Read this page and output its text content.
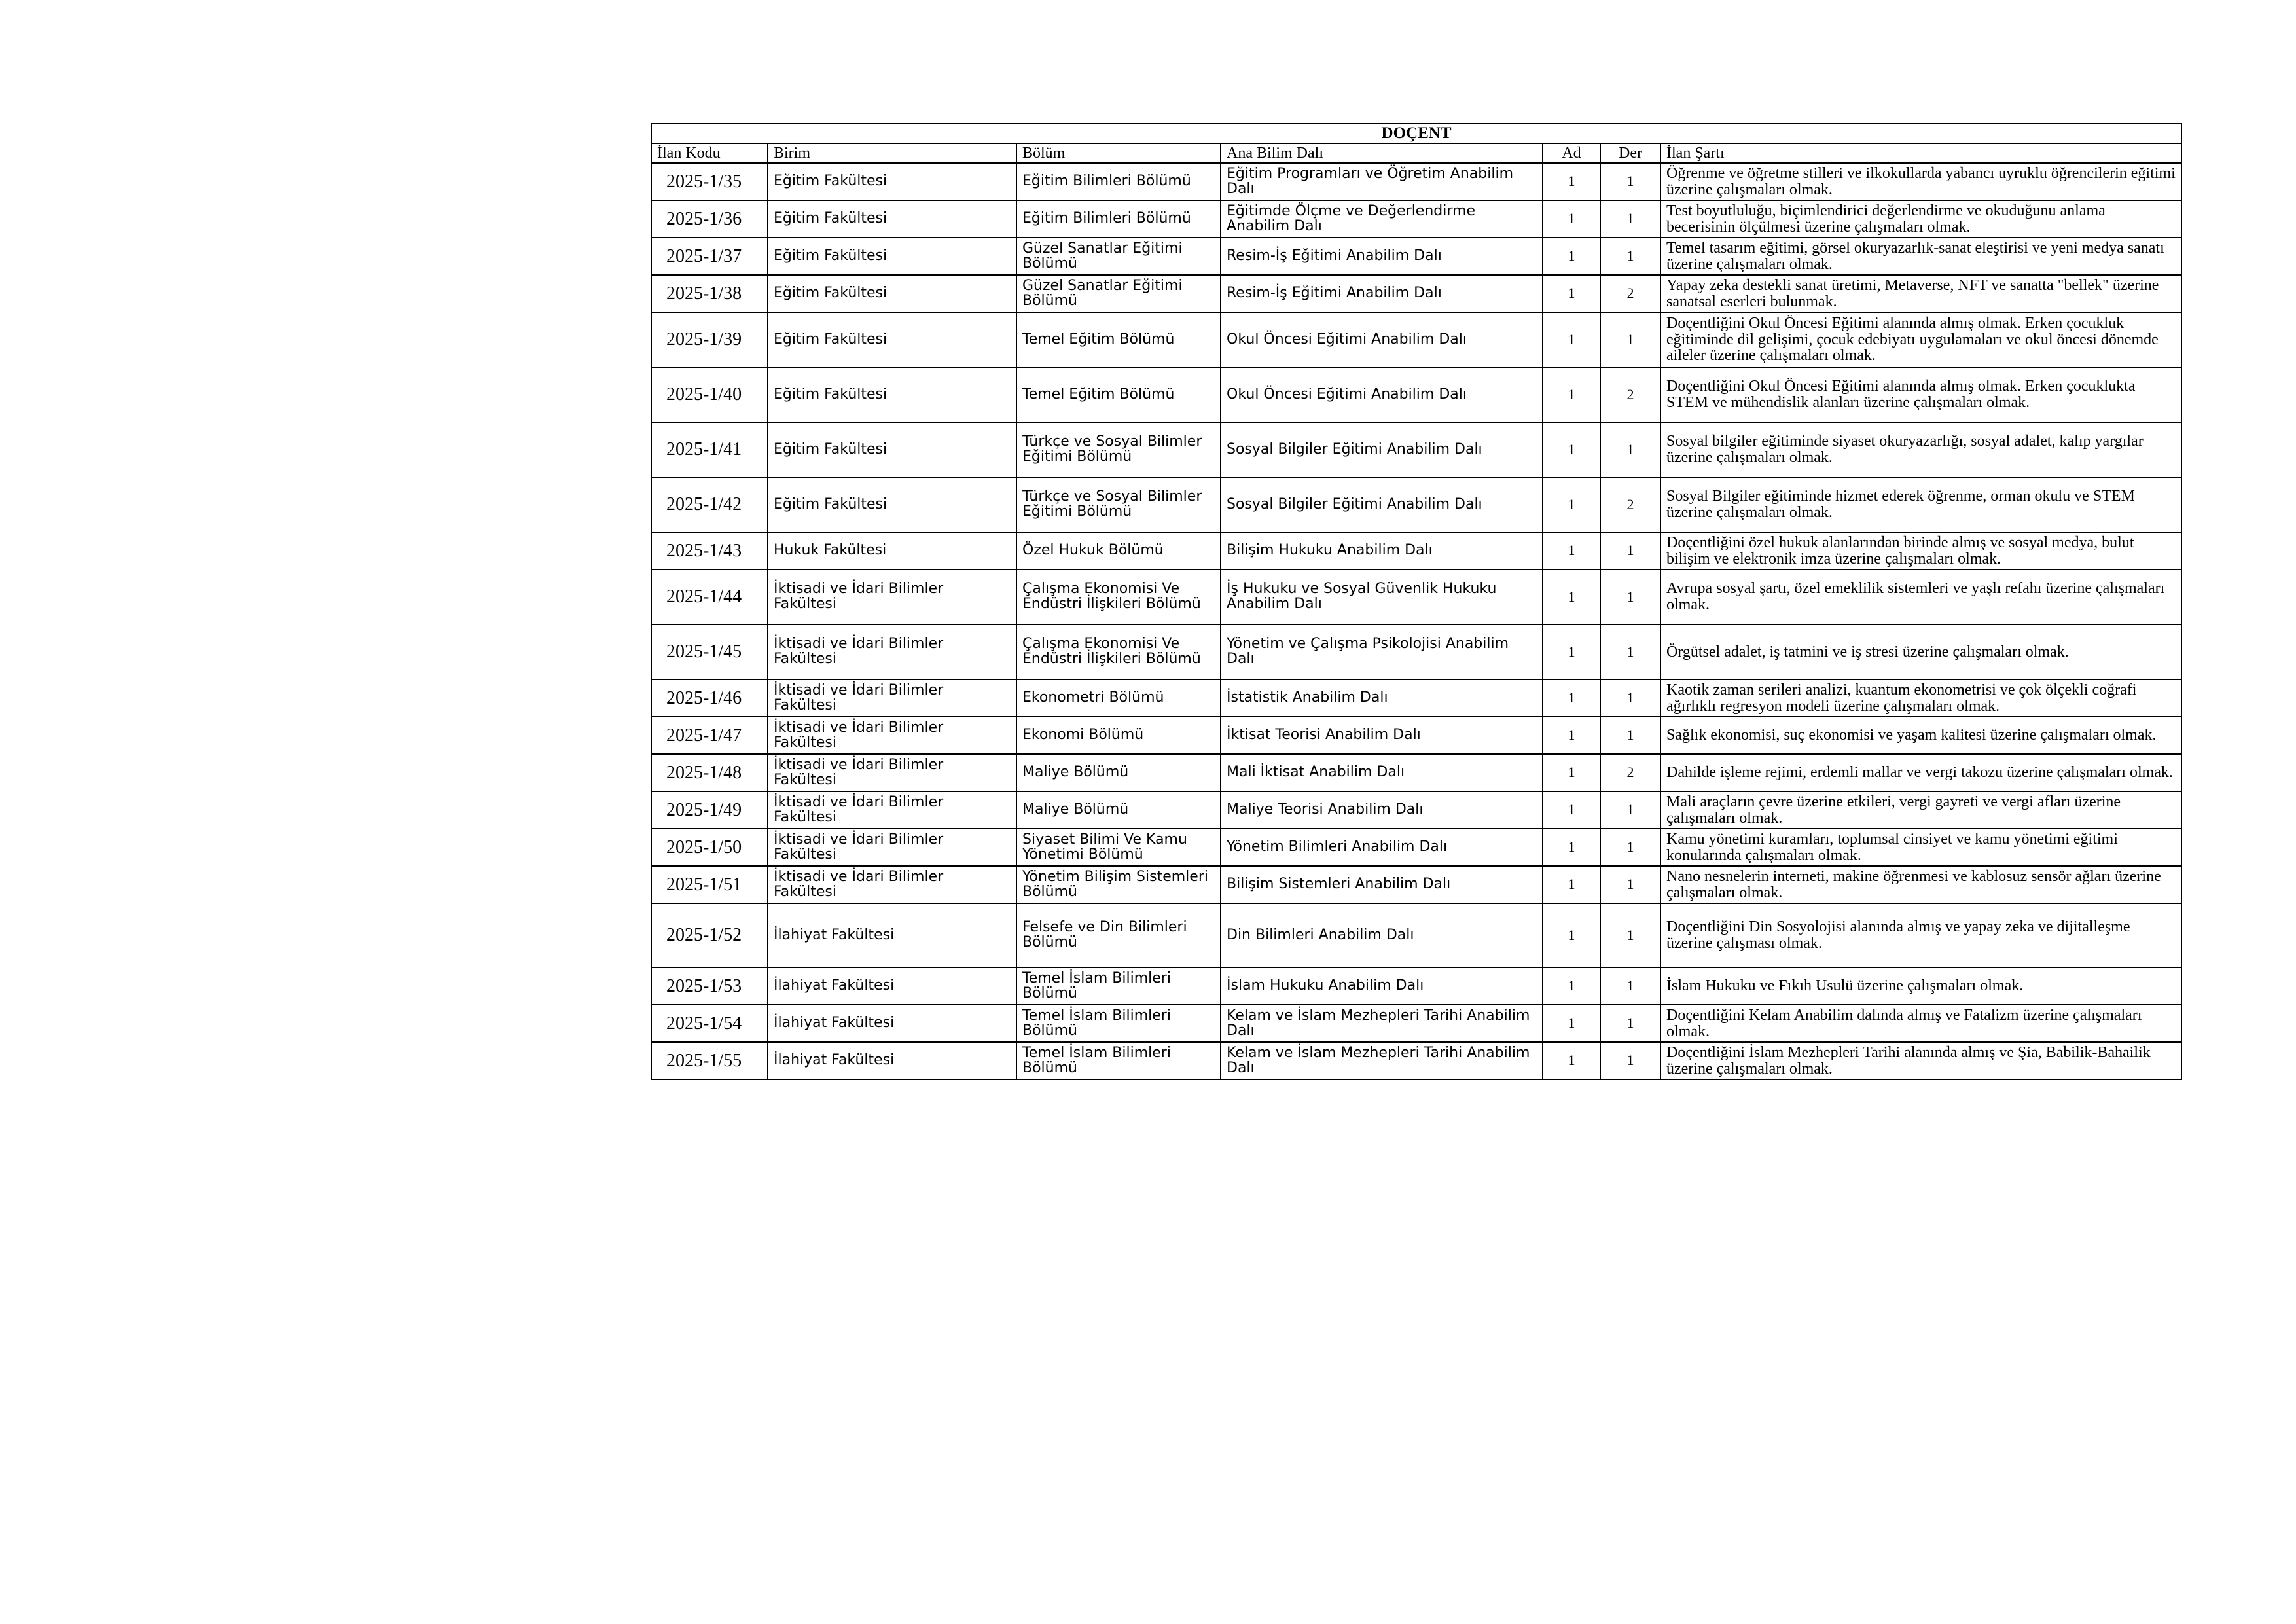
DOÇENT						
İlan Kodu	Birim	Bölüm	Ana Bilim Dalı	Ad	Der	İlan Şartı
2025-1/35	Eğitim Fakültesi	Eğitim Bilimleri Bölümü	Eğitim Programları ve Öğretim Anabilim Dalı	1	1	Öğrenme ve öğretme stilleri ve ilkokullarda yabancı uyruklu öğrencilerin eğitimi üzerine çalışmaları olmak.
2025-1/36	Eğitim Fakültesi	Eğitim Bilimleri Bölümü	Eğitimde Ölçme ve Değerlendirme Anabilim Dalı	1	1	Test boyutluluğu, biçimlendirici değerlendirme ve okuduğunu anlama becerisinin ölçülmesi üzerine çalışmaları olmak.
2025-1/37	Eğitim Fakültesi	Güzel Sanatlar Eğitimi Bölümü	Resim-İş Eğitimi Anabilim Dalı	1	1	Temel tasarım eğitimi, görsel okuryazarlık-sanat eleştirisi ve yeni medya sanatı üzerine çalışmaları olmak.
2025-1/38	Eğitim Fakültesi	Güzel Sanatlar Eğitimi Bölümü	Resim-İş Eğitimi Anabilim Dalı	1	2	Yapay zeka destekli sanat üretimi, Metaverse, NFT ve sanatta "bellek" üzerine sanatsal eserleri bulunmak.
2025-1/39	Eğitim Fakültesi	Temel Eğitim Bölümü	Okul Öncesi Eğitimi Anabilim Dalı	1	1	Doçentliğini Okul Öncesi Eğitimi alanında almış olmak. Erken çocukluk eğitiminde dil gelişimi, çocuk edebiyatı uygulamaları ve okul öncesi dönemde aileler üzerine çalışmaları olmak.
2025-1/40	Eğitim Fakültesi	Temel Eğitim Bölümü	Okul Öncesi Eğitimi Anabilim Dalı	1	2	Doçentliğini Okul Öncesi Eğitimi alanında almış olmak. Erken çocuklukta STEM ve mühendislik alanları üzerine çalışmaları olmak.
2025-1/41	Eğitim Fakültesi	Türkçe ve Sosyal Bilimler Eğitimi Bölümü	Sosyal Bilgiler Eğitimi Anabilim Dalı	1	1	Sosyal bilgiler eğitiminde siyaset okuryazarlığı, sosyal adalet, kalıp yargılar üzerine çalışmaları olmak.
2025-1/42	Eğitim Fakültesi	Türkçe ve Sosyal Bilimler Eğitimi Bölümü	Sosyal Bilgiler Eğitimi Anabilim Dalı	1	2	Sosyal Bilgiler eğitiminde hizmet ederek öğrenme, orman okulu ve STEM üzerine çalışmaları olmak.
2025-1/43	Hukuk Fakültesi	Özel Hukuk Bölümü	Bilişim Hukuku Anabilim Dalı	1	1	Doçentliğini özel hukuk alanlarından birinde almış ve sosyal medya, bulut bilişim ve elektronik imza üzerine çalışmaları olmak.
2025-1/44	İktisadi ve İdari Bilimler Fakültesi	Çalışma Ekonomisi Ve Endüstri İlişkileri Bölümü	İş Hukuku ve Sosyal Güvenlik Hukuku Anabilim Dalı	1	1	Avrupa sosyal şartı, özel emeklilik sistemleri ve yaşlı refahı üzerine çalışmaları olmak.
2025-1/45	İktisadi ve İdari Bilimler Fakültesi	Çalışma Ekonomisi Ve Endüstri İlişkileri Bölümü	Yönetim ve Çalışma Psikolojisi Anabilim Dalı	1	1	Örgütsel adalet, iş tatmini ve iş stresi üzerine çalışmaları olmak.
2025-1/46	İktisadi ve İdari Bilimler Fakültesi	Ekonometri Bölümü	İstatistik Anabilim Dalı	1	1	Kaotik zaman serileri analizi, kuantum ekonometrisi ve çok ölçekli coğrafi ağırlıklı regresyon modeli üzerine çalışmaları olmak.
2025-1/47	İktisadi ve İdari Bilimler Fakültesi	Ekonomi Bölümü	İktisat Teorisi Anabilim Dalı	1	1	Sağlık ekonomisi, suç ekonomisi ve yaşam kalitesi üzerine çalışmaları olmak.
2025-1/48	İktisadi ve İdari Bilimler Fakültesi	Maliye Bölümü	Mali İktisat Anabilim Dalı	1	2	Dahilde işleme rejimi, erdemli mallar ve vergi takozu üzerine çalışmaları olmak.
2025-1/49	İktisadi ve İdari Bilimler Fakültesi	Maliye Bölümü	Maliye Teorisi Anabilim Dalı	1	1	Mali araçların çevre üzerine etkileri, vergi gayreti ve vergi afları üzerine çalışmaları olmak.
2025-1/50	İktisadi ve İdari Bilimler Fakültesi	Siyaset Bilimi Ve Kamu Yönetimi Bölümü	Yönetim Bilimleri Anabilim Dalı	1	1	Kamu yönetimi kuramları, toplumsal cinsiyet ve kamu yönetimi eğitimi konularında çalışmaları olmak.
2025-1/51	İktisadi ve İdari Bilimler Fakültesi	Yönetim Bilişim Sistemleri Bölümü	Bilişim Sistemleri Anabilim Dalı	1	1	Nano nesnelerin interneti, makine öğrenmesi ve kablosuz sensör ağları üzerine çalışmaları olmak.
2025-1/52	İlahiyat Fakültesi	Felsefe ve Din Bilimleri Bölümü	Din Bilimleri Anabilim Dalı	1	1	Doçentliğini Din Sosyolojisi alanında almış ve yapay zeka ve dijitalleşme üzerine çalışması olmak.
2025-1/53	İlahiyat Fakültesi	Temel İslam Bilimleri Bölümü	İslam Hukuku Anabilim Dalı	1	1	İslam Hukuku ve Fıkıh Usulü üzerine çalışmaları olmak.
2025-1/54	İlahiyat Fakültesi	Temel İslam Bilimleri Bölümü	Kelam ve İslam Mezhepleri Tarihi Anabilim Dalı	1	1	Doçentliğini Kelam Anabilim dalında almış ve Fatalizm üzerine çalışmaları olmak.
2025-1/55	İlahiyat Fakültesi	Temel İslam Bilimleri Bölümü	Kelam ve İslam Mezhepleri Tarihi Anabilim Dalı	1	1	Doçentliğini İslam Mezhepleri Tarihi alanında almış ve Şia, Babilik-Bahailik üzerine çalışmaları olmak.
